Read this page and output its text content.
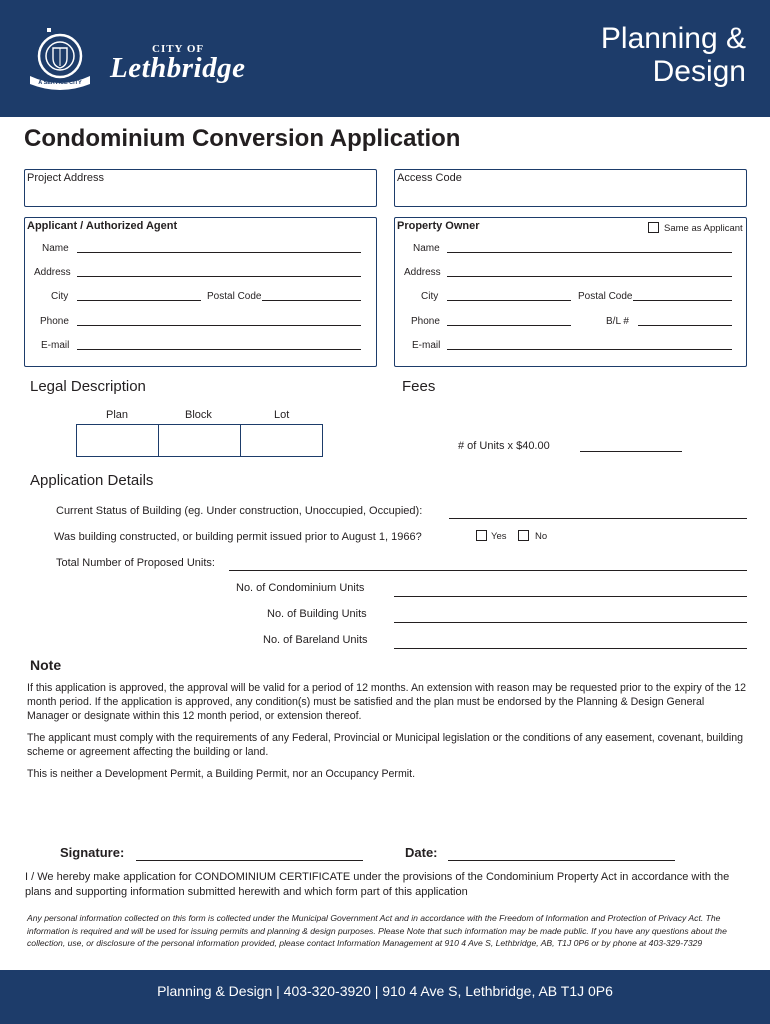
A SERVICE CITY
CITY OF
Lethbridge
Planning &
Design
Condominium Conversion Application
Project Address	Access Code
Applicant / Authorized Agent
Name
Address
City	Postal Code
Phone
E-mail
Property Owner	Same as Applicant
Name
Address
City	Postal Code
Phone	B/L #
E-mail
Legal Description
Plan	Block	Lot
Fees
# of Units x $40.00
Application Details
Current Status of Building (eg. Under construction, Unoccupied, Occupied):
Was building constructed, or building permit issued prior to August 1, 1966?	Yes	No
Total Number of Proposed Units:
No. of Condominium Units
No. of Building Units
No. of Bareland Units
Note
If this application is approved, the approval will be valid for a period of 12 months. An extension with reason may be requested prior to the expiry of the 12 month period. If the application is approved, any condition(s) must be satisfied and the plan must be endorsed by the Planning & Design General Manager or designate within this 12 month period, or extension thereof.
The applicant must comply with the requirements of any Federal, Provincial or Municipal legislation or the conditions of any easement, covenant, building scheme or agreement affecting the building or land.
This is neither a Development Permit, a Building Permit, nor an Occupancy Permit.
Signature:	Date:
I / We hereby make application for CONDOMINIUM CERTIFICATE under the provisions of the Condominium Property Act in accordance with the plans and supporting information submitted herewith and which form part of this application
Any personal information collected on this form is collected under the Municipal Government Act and in accordance with the Freedom of Information and Protection of Privacy Act. The information is required and will be used for issuing permits and planning & design purposes. Please Note that such information may be made public. If you have any questions about the collection, use, or disclosure of the personal information provided, please contact Information Management at 910 4 Ave S, Lethbridge, AB, T1J 0P6 or by phone at 403-329-7329
Planning & Design | 403-320-3920 | 910 4 Ave S, Lethbridge, AB T1J 0P6
